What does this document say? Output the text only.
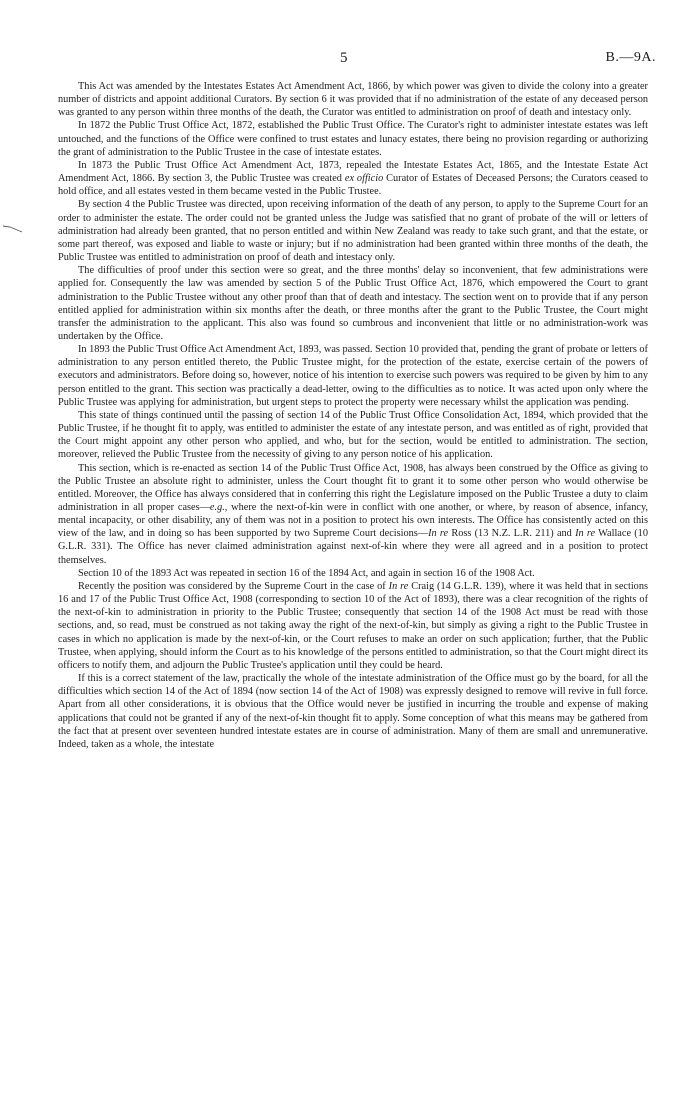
5	B.—9A.

This Act was amended by the Intestates Estates Act Amendment Act, 1866, by which power was given to divide the colony into a greater number of districts and appoint additional Curators. By section 6 it was provided that if no administration of the estate of any deceased person was granted to any person within three months of the death, the Curator was entitled to administration on proof of death and intestacy only.

In 1872 the Public Trust Office Act, 1872, established the Public Trust Office. The Curator's right to administer intestate estates was left untouched, and the functions of the Office were confined to trust estates and lunacy estates, there being no provision regarding or authorizing the grant of administration to the Public Trustee in the case of intestate estates.

In 1873 the Public Trust Office Act Amendment Act, 1873, repealed the Intestate Estates Act, 1865, and the Intestate Estate Act Amendment Act, 1866. By section 3, the Public Trustee was created ex officio Curator of Estates of Deceased Persons; the Curators ceased to hold office, and all estates vested in them became vested in the Public Trustee.

By section 4 the Public Trustee was directed, upon receiving information of the death of any person, to apply to the Supreme Court for an order to administer the estate. The order could not be granted unless the Judge was satisfied that no grant of probate of the will or letters of administration had already been granted, that no person entitled and within New Zealand was ready to take such grant, and that the estate, or some part thereof, was exposed and liable to waste or injury; but if no administration had been granted within three months of the death, the Public Trustee was entitled to administration on proof of death and intestacy only.

The difficulties of proof under this section were so great, and the three months' delay so inconvenient, that few administrations were applied for. Consequently the law was amended by section 5 of the Public Trust Office Act, 1876, which empowered the Court to grant administration to the Public Trustee without any other proof than that of death and intestacy. The section went on to provide that if any person entitled applied for administration within six months after the death, or three months after the grant to the Public Trustee, the Court might transfer the administration to the applicant. This also was found so cumbrous and inconvenient that little or no administration-work was undertaken by the Office.

In 1893 the Public Trust Office Act Amendment Act, 1893, was passed. Section 10 provided that, pending the grant of probate or letters of administration to any person entitled thereto, the Public Trustee might, for the protection of the estate, exercise certain of the powers of executors and administrators. Before doing so, however, notice of his intention to exercise such powers was required to be given by him to any person entitled to the grant. This section was practically a dead-letter, owing to the difficulties as to notice. It was acted upon only where the Public Trustee was applying for administration, but urgent steps to protect the property were necessary whilst the application was pending.

This state of things continued until the passing of section 14 of the Public Trust Office Consolidation Act, 1894, which provided that the Public Trustee, if he thought fit to apply, was entitled to administer the estate of any intestate person, and was entitled as of right, provided that the Court might appoint any other person who applied, and who, but for the section, would be entitled to administration. The section, moreover, relieved the Public Trustee from the necessity of giving to any person notice of his application.

This section, which is re-enacted as section 14 of the Public Trust Office Act, 1908, has always been construed by the Office as giving to the Public Trustee an absolute right to administer, unless the Court thought fit to grant it to some other person who would otherwise be entitled. Moreover, the Office has always considered that in conferring this right the Legislature imposed on the Public Trustee a duty to claim administration in all proper cases—e.g., where the next-of-kin were in conflict with one another, or where, by reason of absence, infancy, mental incapacity, or other disability, any of them was not in a position to protect his own interests. The Office has consistently acted on this view of the law, and in doing so has been supported by two Supreme Court decisions—In re Ross (13 N.Z. L.R. 211) and In re Wallace (10 G.L.R. 331). The Office has never claimed administration against next-of-kin where they were all agreed and in a position to protect themselves.

Section 10 of the 1893 Act was repeated in section 16 of the 1894 Act, and again in section 16 of the 1908 Act.

Recently the position was considered by the Supreme Court in the case of In re Craig (14 G.L.R. 139), where it was held that in sections 16 and 17 of the Public Trust Office Act, 1908 (corresponding to section 10 of the Act of 1893), there was a clear recognition of the rights of the next-of-kin to administration in priority to the Public Trustee; consequently that section 14 of the 1908 Act must be read with those sections, and, so read, must be construed as not taking away the right of the next-of-kin, but simply as giving a right to the Public Trustee in cases in which no application is made by the next-of-kin, or the Court refuses to make an order on such application; further, that the Public Trustee, when applying, should inform the Court as to his knowledge of the persons entitled to administration, so that the Court might direct its officers to notify them, and adjourn the Public Trustee's application until they could be heard.

If this is a correct statement of the law, practically the whole of the intestate administration of the Office must go by the board, for all the difficulties which section 14 of the Act of 1894 (now section 14 of the Act of 1908) was expressly designed to remove will revive in full force. Apart from all other considerations, it is obvious that the Office would never be justified in incurring the trouble and expense of making applications that could not be granted if any of the next-of-kin thought fit to apply. Some conception of what this means may be gathered from the fact that at present over seventeen hundred intestate estates are in course of administration. Many of them are small and unremunerative. Indeed, taken as a whole, the intestate
